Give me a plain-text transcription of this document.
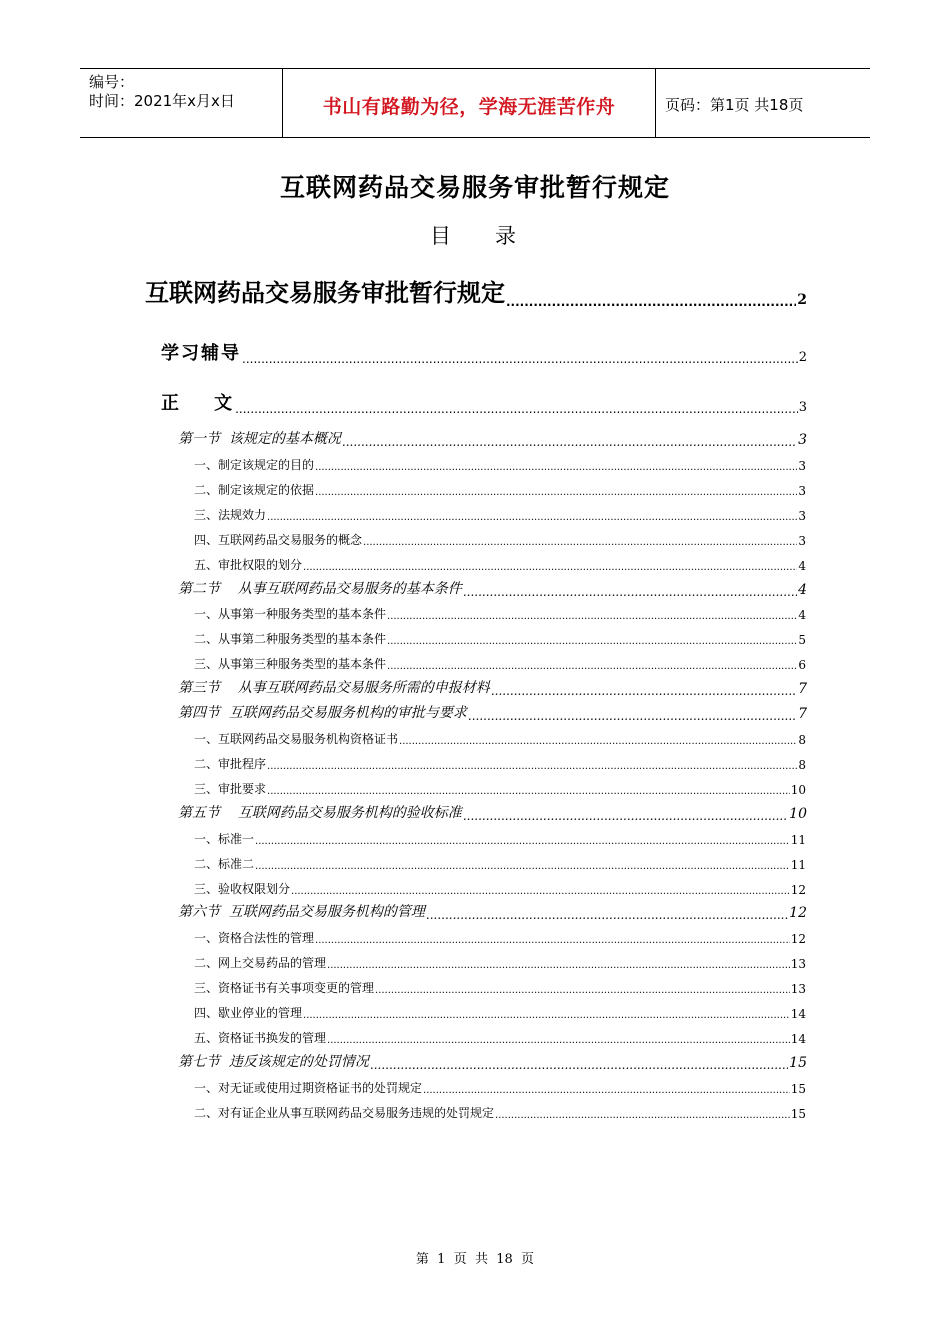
编号：
时间：2021年x月x日	书山有路勤为径，学海无涯苦作舟	页码：第1页 共18页
互联网药品交易服务审批暂行规定
目 录
互联网药品交易服务审批暂行规定 .....	2
学习辅导 .....	2
正    文 .....	3
第一节  该规定的基本概况 .....	3
一、制定该规定的目的 .....	3
二、制定该规定的依据 .....	3
三、法规效力 .....	3
四、互联网药品交易服务的概念 .....	3
五、审批权限的划分 .....	4
第二节    从事互联网药品交易服务的基本条件 .....	4
一、从事第一种服务类型的基本条件 .....	4
二、从事第二种服务类型的基本条件 .....	5
三、从事第三种服务类型的基本条件 .....	6
第三节    从事互联网药品交易服务所需的申报材料 .....	7
第四节  互联网药品交易服务机构的审批与要求 .....	7
一、互联网药品交易服务机构资格证书 .....	8
二、审批程序 .....	8
三、审批要求 .....	10
第五节    互联网药品交易服务机构的验收标准 .....	10
一、标准一 .....	11
二、标准二 .....	11
三、验收权限划分 .....	12
第六节  互联网药品交易服务机构的管理 .....	12
一、资格合法性的管理 .....	12
二、网上交易药品的管理 .....	13
三、资格证书有关事项变更的管理 .....	13
四、歇业停业的管理 .....	14
五、资格证书换发的管理 .....	14
第七节  违反该规定的处罚情况 .....	15
一、对无证或使用过期资格证书的处罚规定 .....	15
二、对有证企业从事互联网药品交易服务违规的处罚规定 .....	15
第  1  页  共  18  页
